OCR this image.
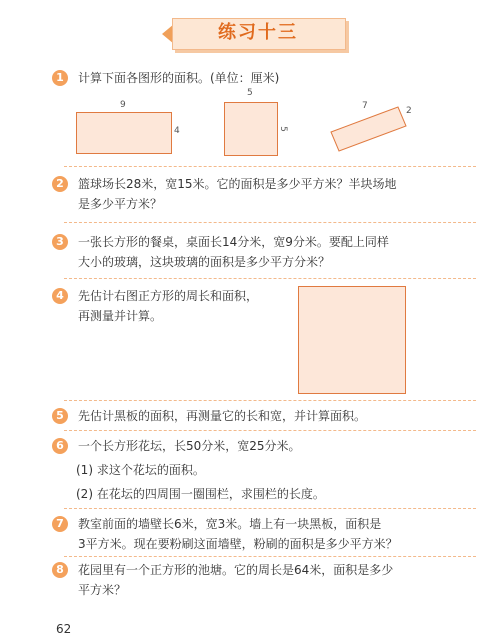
练习十三
1	计算下面各图形的面积。(单位：厘米)
9
4
5
5
7	2
2	篮球场长28米，宽15米。它的面积是多少平方米？半块场地
是多少平方米？
3	一张长方形的餐桌，桌面长14分米，宽9分米。要配上同样
大小的玻璃，这块玻璃的面积是多少平方分米？
4	先估计右图正方形的周长和面积，
再测量并计算。
5	先估计黑板的面积，再测量它的长和宽，并计算面积。
6	一个长方形花坛，长50分米，宽25分米。
(1) 求这个花坛的面积。
(2) 在花坛的四周围一圈围栏，求围栏的长度。
7	教室前面的墙壁长6米，宽3米。墙上有一块黑板，面积是
3平方米。现在要粉刷这面墙壁，粉刷的面积是多少平方米？
8	花园里有一个正方形的池塘。它的周长是64米，面积是多少
平方米？
62
